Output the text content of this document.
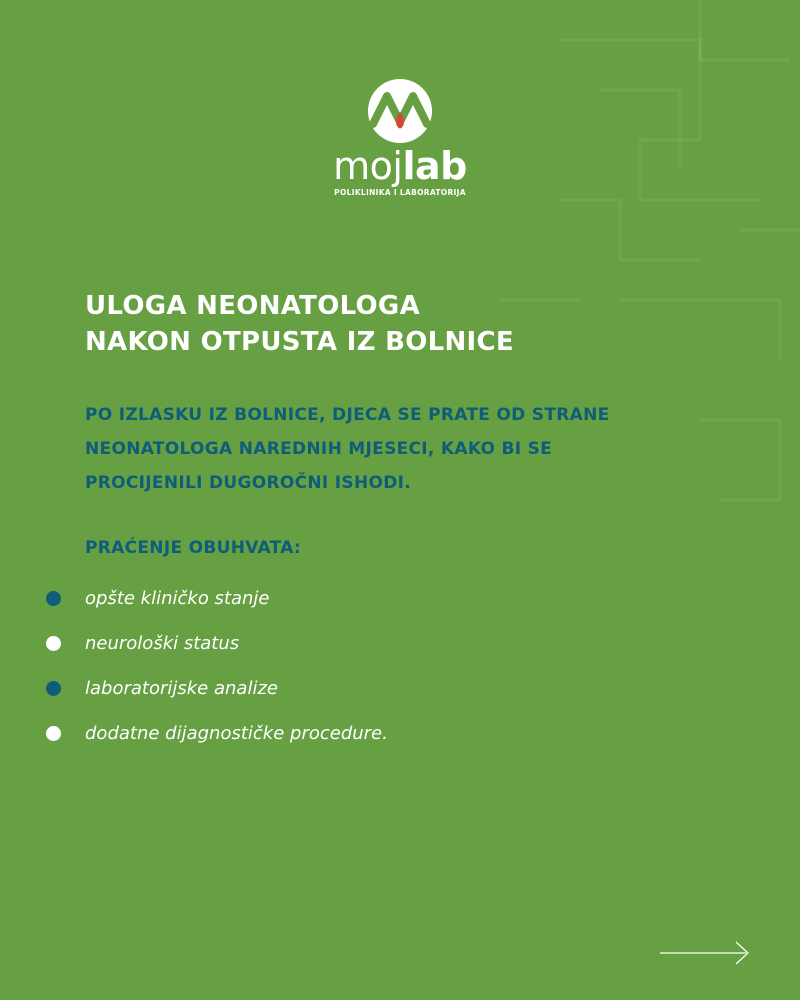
mojlab
POLIKLINIKA I LABORATORIJA
ULOGA NEONATOLOGA
NAKON OTPUSTA IZ BOLNICE
PO IZLASKU IZ BOLNICE, DJECA SE PRATE OD STRANE
NEONATOLOGA NAREDNIH MJESECI, KAKO BI SE
PROCIJENILI DUGOROČNI ISHODI.
PRAĆENJE OBUHVATA:
opšte kliničko stanje
neurološki status
laboratorijske analize
dodatne dijagnostičke procedure.
